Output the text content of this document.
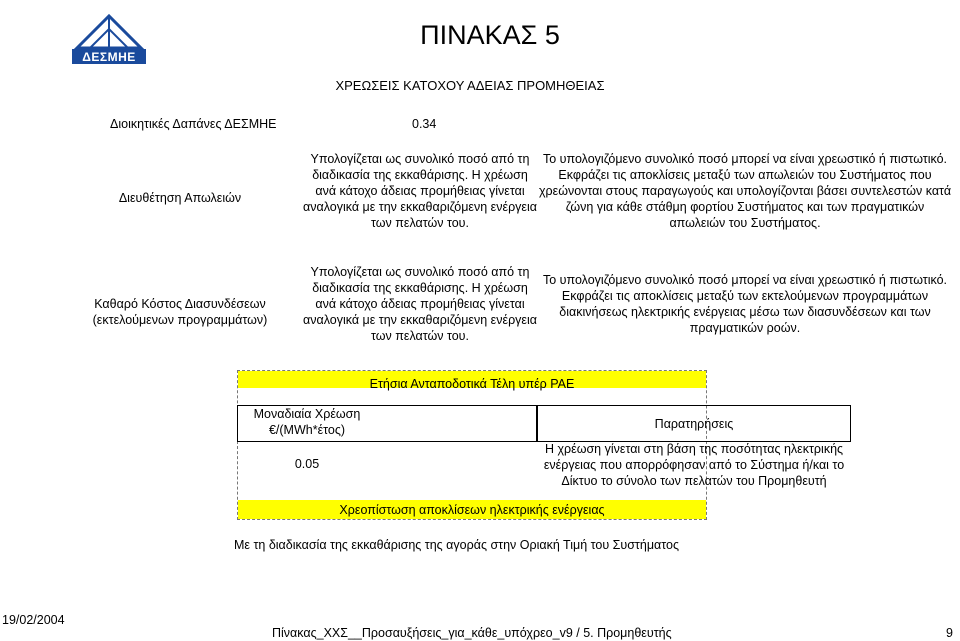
ΔΕΣΜΗΕ
ΠΙΝΑΚΑΣ 5
ΧΡΕΩΣΕΙΣ ΚΑΤΟΧΟΥ ΑΔΕΙΑΣ ΠΡΟΜΗΘΕΙΑΣ
Διοικητικές Δαπάνες ΔΕΣΜΗΕ	0.34
Διευθέτηση Απωλειών
Υπολογίζεται ως συνολικό ποσό από τη διαδικασία της εκκαθάρισης. Η χρέωση ανά κάτοχο άδειας προμήθειας γίνεται αναλογικά με την εκκαθαριζόμενη ενέργεια των πελατών του.
Το υπολογιζόμενο συνολικό ποσό μπορεί να είναι χρεωστικό ή πιστωτικό. Εκφράζει τις αποκλίσεις μεταξύ των απωλειών του Συστήματος που χρεώνονται στους παραγωγούς και υπολογίζονται βάσει συντελεστών κατά ζώνη για κάθε στάθμη φορτίου Συστήματος και των πραγματικών απωλειών του Συστήματος.
Καθαρό Κόστος Διασυνδέσεων (εκτελούμενων προγραμμάτων)
Υπολογίζεται ως συνολικό ποσό από τη διαδικασία της εκκαθάρισης. Η χρέωση ανά κάτοχο άδειας προμήθειας γίνεται αναλογικά με την εκκαθαριζόμενη ενέργεια των πελατών του.
Το υπολογιζόμενο συνολικό ποσό μπορεί να είναι χρεωστικό ή πιστωτικό. Εκφράζει τις αποκλίσεις μεταξύ των εκτελούμενων προγραμμάτων διακινήσεως ηλεκτρικής ενέργειας μέσω των διασυνδέσεων και των πραγματικών ροών.
Ετήσια Ανταποδοτικά Τέλη υπέρ ΡΑΕ
Μοναδιαία Χρέωση €/(MWh*έτος)
0.05
Παρατηρήσεις
Η χρέωση γίνεται στη βάση της ποσότητας ηλεκτρικής ενέργειας που απορρόφησαν από το Σύστημα ή/και το Δίκτυο το σύνολο των πελατών του Προμηθευτή
Χρεοπίστωση αποκλίσεων ηλεκτρικής ενέργειας
Με τη διαδικασία της εκκαθάρισης της αγοράς στην Οριακή Τιμή του Συστήματος
19/02/2004
Πίνακας_ΧΧΣ__Προσαυξήσεις_για_κάθε_υπόχρεο_v9 / 5. Προμηθευτής	9
